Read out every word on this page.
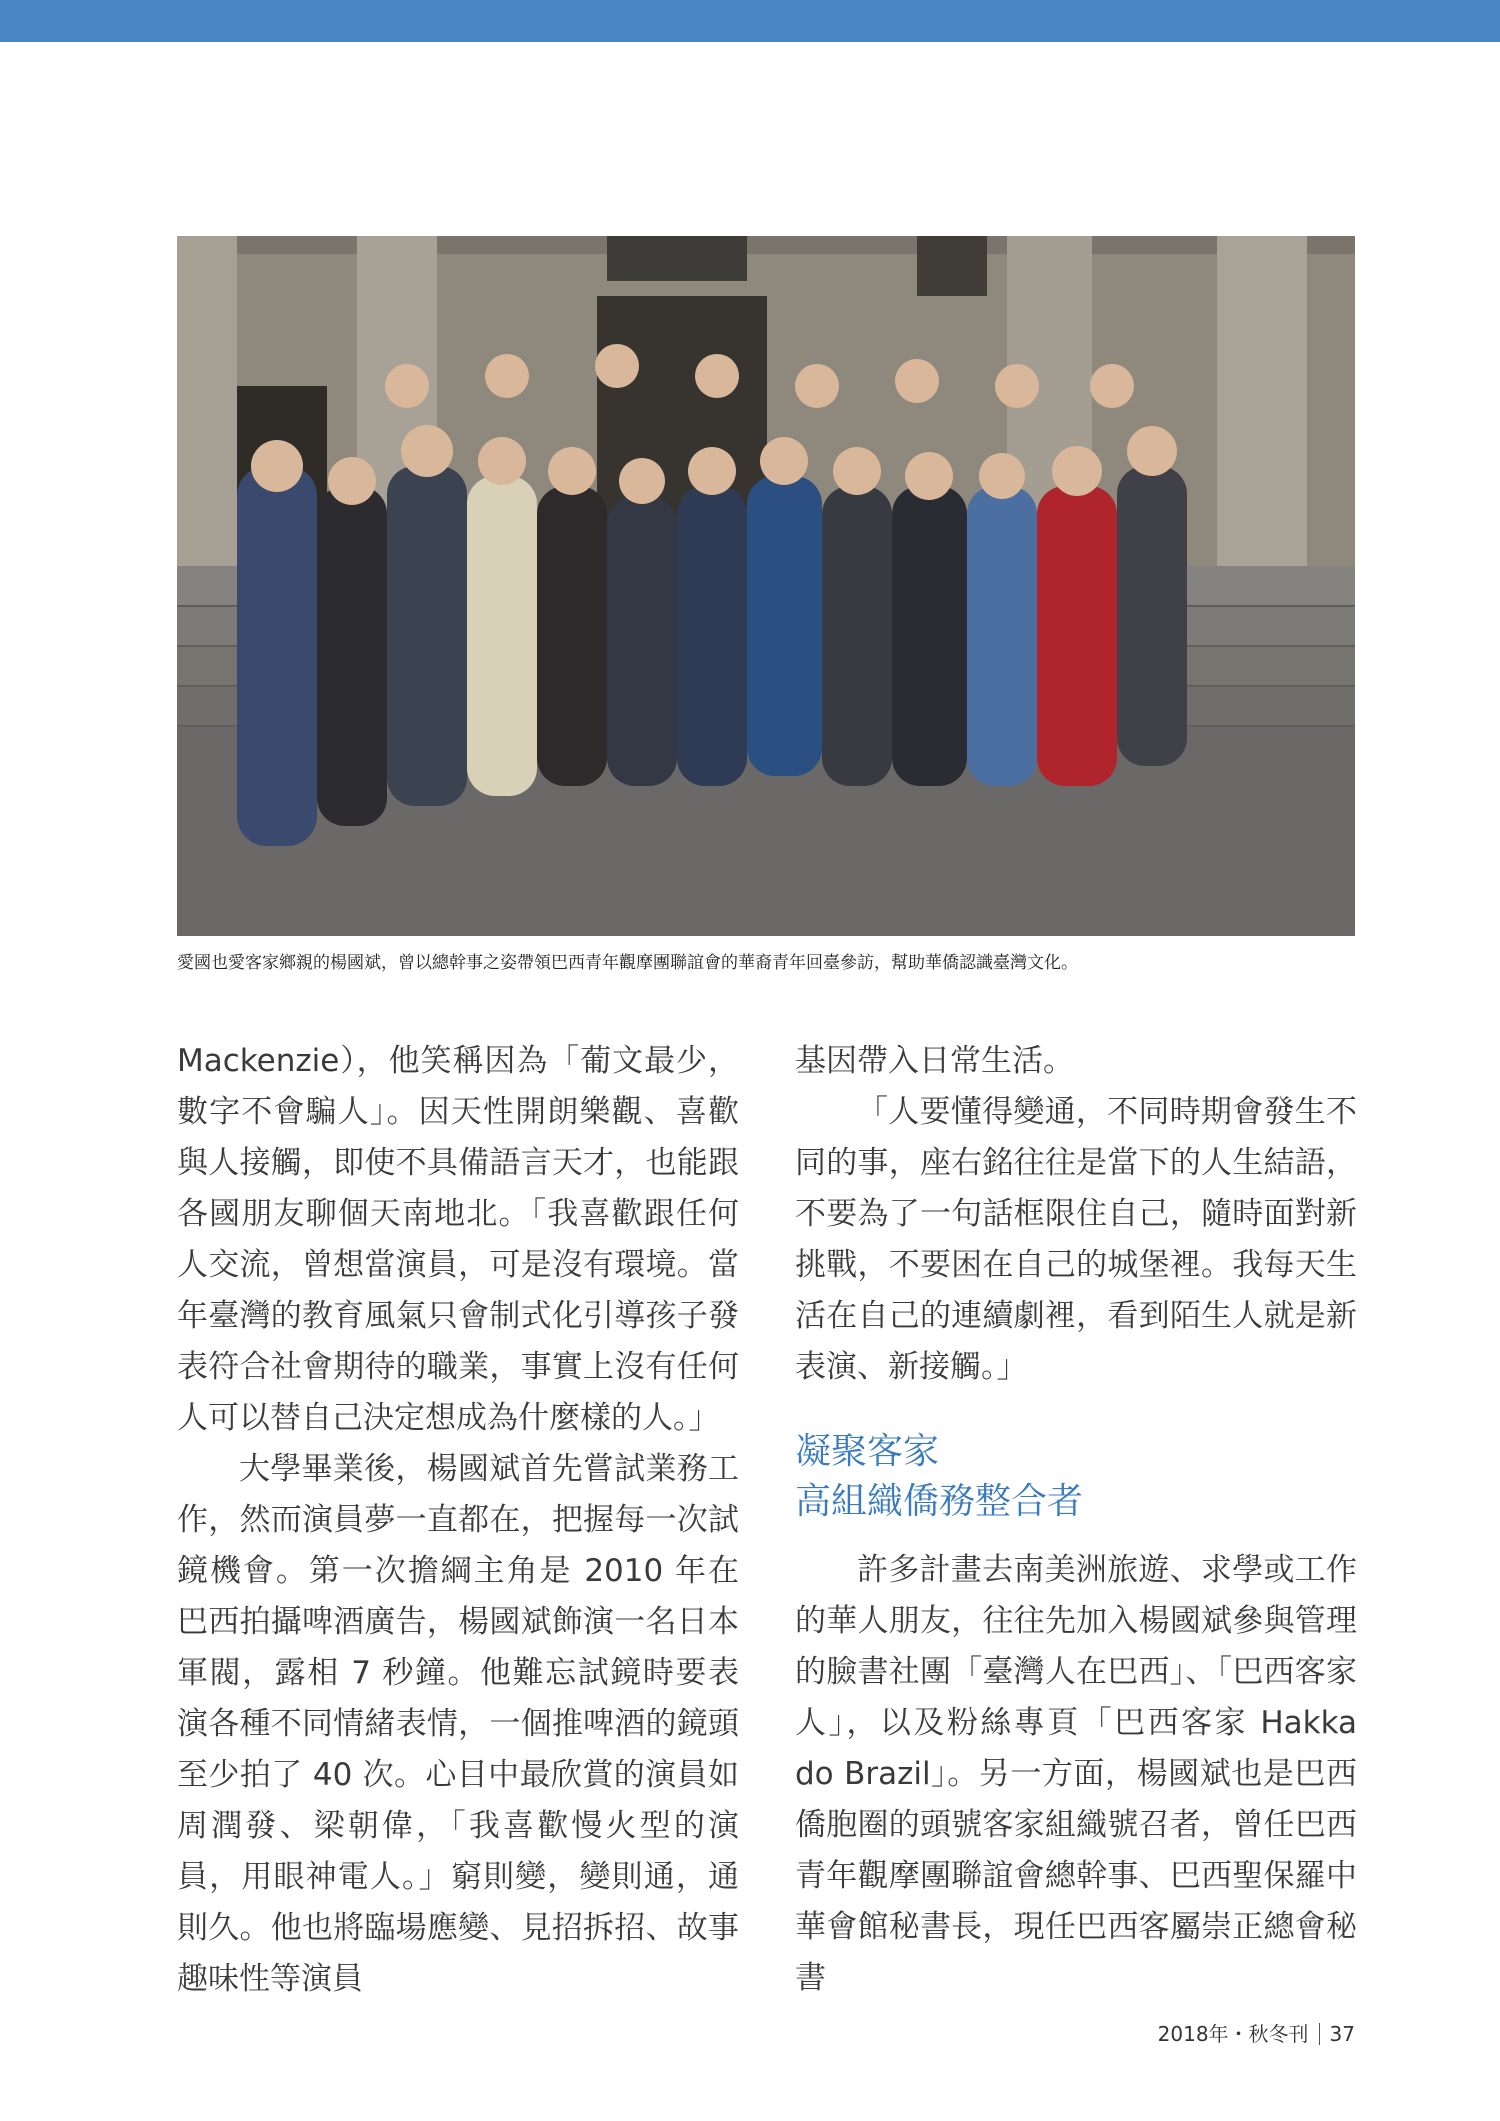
愛國也愛客家鄉親的楊國斌，曾以總幹事之姿帶領巴西青年觀摩團聯誼會的華裔青年回臺參訪，幫助華僑認識臺灣文化。

Mackenzie），他笑稱因為「葡文最少，數字不會騙人」。因天性開朗樂觀、喜歡與人接觸，即使不具備語言天才，也能跟各國朋友聊個天南地北。「我喜歡跟任何人交流，曾想當演員，可是沒有環境。當年臺灣的教育風氣只會制式化引導孩子發表符合社會期待的職業，事實上沒有任何人可以替自己決定想成為什麼樣的人。」

大學畢業後，楊國斌首先嘗試業務工作，然而演員夢一直都在，把握每一次試鏡機會。第一次擔綱主角是 2010 年在巴西拍攝啤酒廣告，楊國斌飾演一名日本軍閥，露相 7 秒鐘。他難忘試鏡時要表演各種不同情緒表情，一個推啤酒的鏡頭至少拍了 40 次。心目中最欣賞的演員如周潤發、梁朝偉，「我喜歡慢火型的演員，用眼神電人。」窮則變，變則通，通則久。他也將臨場應變、見招拆招、故事趣味性等演員

基因帶入日常生活。

「人要懂得變通，不同時期會發生不同的事，座右銘往往是當下的人生結語，不要為了一句話框限住自己，隨時面對新挑戰，不要困在自己的城堡裡。我每天生活在自己的連續劇裡，看到陌生人就是新表演、新接觸。」

凝聚客家
高組織僑務整合者

許多計畫去南美洲旅遊、求學或工作的華人朋友，往往先加入楊國斌參與管理的臉書社團「臺灣人在巴西」、「巴西客家人」，以及粉絲專頁「巴西客家 Hakka do Brazil」。另一方面，楊國斌也是巴西僑胞圈的頭號客家組織號召者，曾任巴西青年觀摩團聯誼會總幹事、巴西聖保羅中華會館秘書長，現任巴西客屬崇正總會秘書

2018年・秋冬刊 37
